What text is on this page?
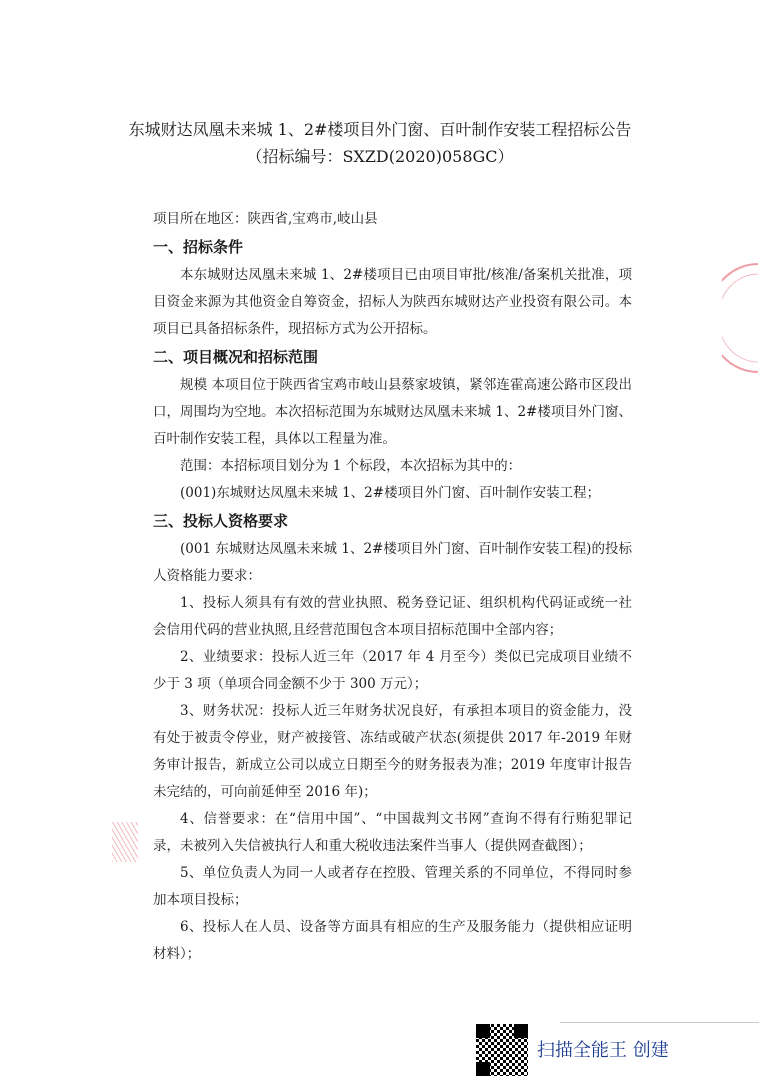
东城财达凤凰未来城 1、2#楼项目外门窗、百叶制作安装工程招标公告
（招标编号：SXZD(2020)058GC）
项目所在地区：陕西省,宝鸡市,岐山县
一、招标条件
本东城财达凤凰未来城 1、2#楼项目已由项目审批/核准/备案机关批准，项目资金来源为其他资金自筹资金，招标人为陕西东城财达产业投资有限公司。本项目已具备招标条件，现招标方式为公开招标。
二、项目概况和招标范围
规模 本项目位于陕西省宝鸡市岐山县蔡家坡镇，紧邻连霍高速公路市区段出口，周围均为空地。本次招标范围为东城财达凤凰未来城 1、2#楼项目外门窗、百叶制作安装工程，具体以工程量为准。
范围：本招标项目划分为 1 个标段，本次招标为其中的：
(001)东城财达凤凰未来城 1、2#楼项目外门窗、百叶制作安装工程；
三、投标人资格要求
(001 东城财达凤凰未来城 1、2#楼项目外门窗、百叶制作安装工程)的投标人资格能力要求：
1、投标人须具有有效的营业执照、税务登记证、组织机构代码证或统一社会信用代码的营业执照,且经营范围包含本项目招标范围中全部内容；
2、业绩要求：投标人近三年（2017 年 4 月至今）类似已完成项目业绩不少于 3 项（单项合同金额不少于 300 万元）；
3、财务状况：投标人近三年财务状况良好，有承担本项目的资金能力，没有处于被责令停业，财产被接管、冻结或破产状态(须提供 2017 年-2019 年财务审计报告，新成立公司以成立日期至今的财务报表为准；2019 年度审计报告未完结的，可向前延伸至 2016 年)；
4、信誉要求：在“信用中国”、“中国裁判文书网”查询不得有行贿犯罪记录，未被列入失信被执行人和重大税收违法案件当事人（提供网查截图）；
5、单位负责人为同一人或者存在控股、管理关系的不同单位，不得同时参加本项目投标；
6、投标人在人员、设备等方面具有相应的生产及服务能力（提供相应证明材料）；
扫描全能王 创建
